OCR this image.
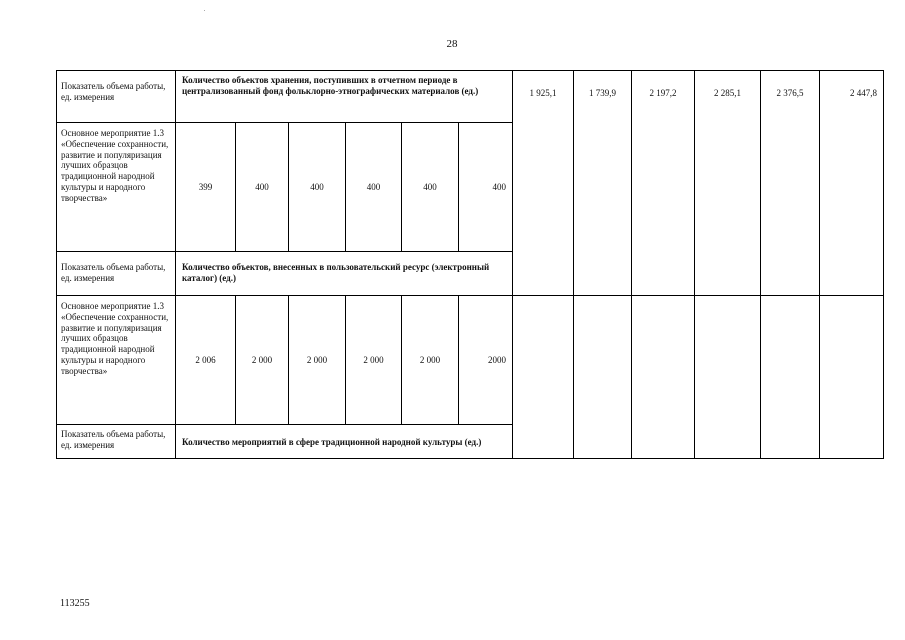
28
Показатель объема работы, ед. измерения	Количество объектов хранения, поступивших в отчетном периоде в централизованный фонд фольклорно-этнографических материалов (ед.)						1 925,1	1 739,9	2 197,2	2 285,1	2 376,5	2 447,8
Основное мероприятие 1.3 «Обеспечение сохранности, развитие и популяризация лучших образцов традиционной народной культуры и народного творчества»	399	400	400	400	400	400						
Показатель объема работы, ед. измерения	Количество объектов, внесенных в пользовательский ресурс (электронный каталог) (ед.)											
Основное мероприятие 1.3 «Обеспечение сохранности, развитие и популяризация лучших образцов традиционной народной культуры и народного творчества»	2 006	2 000	2 000	2 000	2 000	2000						
Показатель объема работы, ед. измерения	Количество мероприятий в сфере традиционной народной культуры (ед.)											
113255
